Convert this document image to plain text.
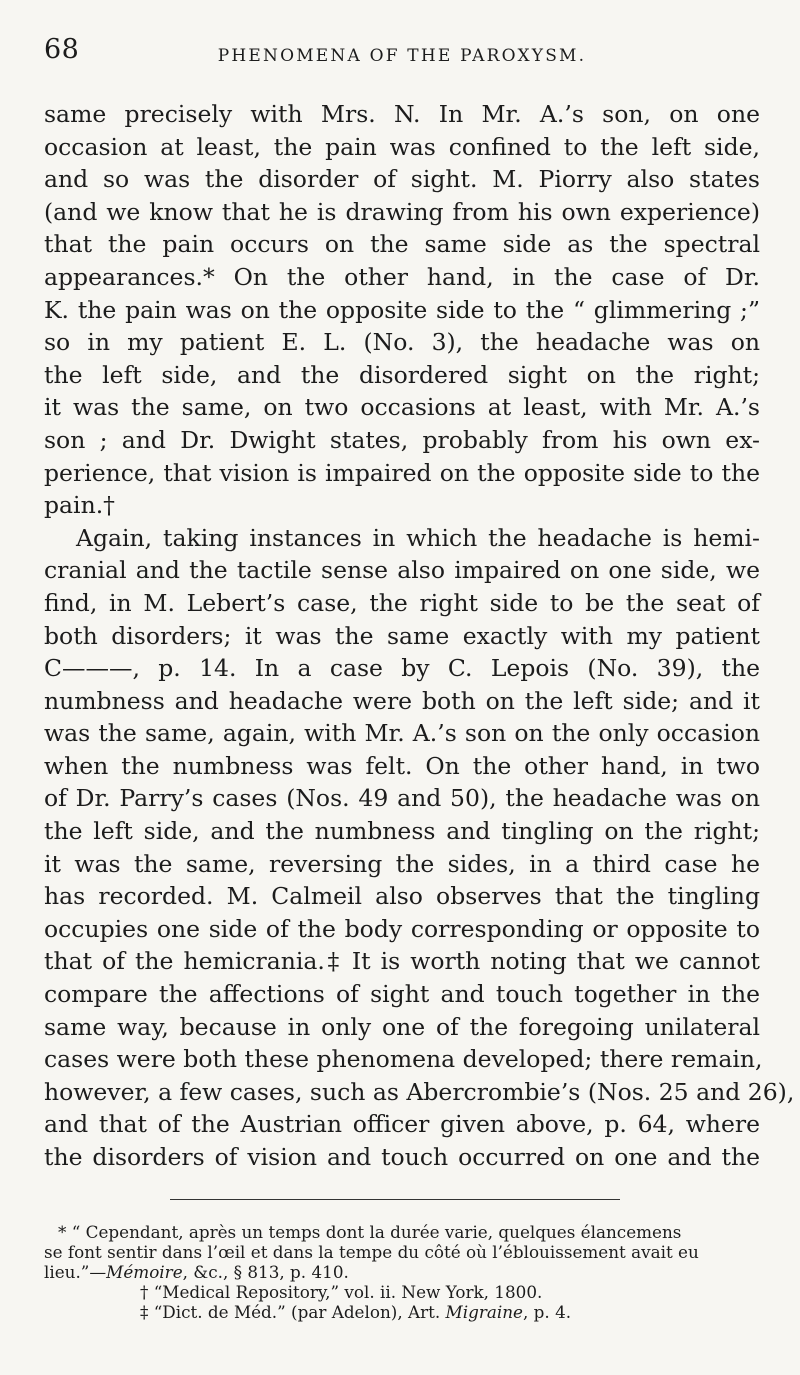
68	PHENOMENA OF THE PAROXYSM.
same precisely with Mrs. N. In Mr. A.’s son, on one
occasion at least, the pain was confined to the left side,
and so was the disorder of sight. M. Piorry also states
(and we know that he is drawing from his own experience)
that the pain occurs on the same side as the spectral
appearances.* On the other hand, in the case of Dr.
K. the pain was on the opposite side to the “ glimmering ;”
so in my patient E. L. (No. 3), the headache was on
the left side, and the disordered sight on the right;
it was the same, on two occasions at least, with Mr. A.’s
son ; and Dr. Dwight states, probably from his own ex-
perience, that vision is impaired on the opposite side to the
pain.†
Again, taking instances in which the headache is hemi-
cranial and the tactile sense also impaired on one side, we
find, in M. Lebert’s case, the right side to be the seat of
both disorders; it was the same exactly with my patient
C———, p. 14. In a case by C. Lepois (No. 39), the
numbness and headache were both on the left side; and it
was the same, again, with Mr. A.’s son on the only occasion
when the numbness was felt. On the other hand, in two
of Dr. Parry’s cases (Nos. 49 and 50), the headache was on
the left side, and the numbness and tingling on the right;
it was the same, reversing the sides, in a third case he
has recorded. M. Calmeil also observes that the tingling
occupies one side of the body corresponding or opposite to
that of the hemicrania.‡ It is worth noting that we cannot
compare the affections of sight and touch together in the
same way, because in only one of the foregoing unilateral
cases were both these phenomena developed; there remain,
however, a few cases, such as Abercrombie’s (Nos. 25 and 26),
and that of the Austrian officer given above, p. 64, where
the disorders of vision and touch occurred on one and the
* “ Cependant, après un temps dont la durée varie, quelques élancemens
se font sentir dans l’œil et dans la tempe du côté où l’éblouissement avait eu
lieu.”—Mémoire, &c., § 813, p. 410.
† “Medical Repository,” vol. ii. New York, 1800.
‡ “Dict. de Méd.” (par Adelon), Art. Migraine, p. 4.
